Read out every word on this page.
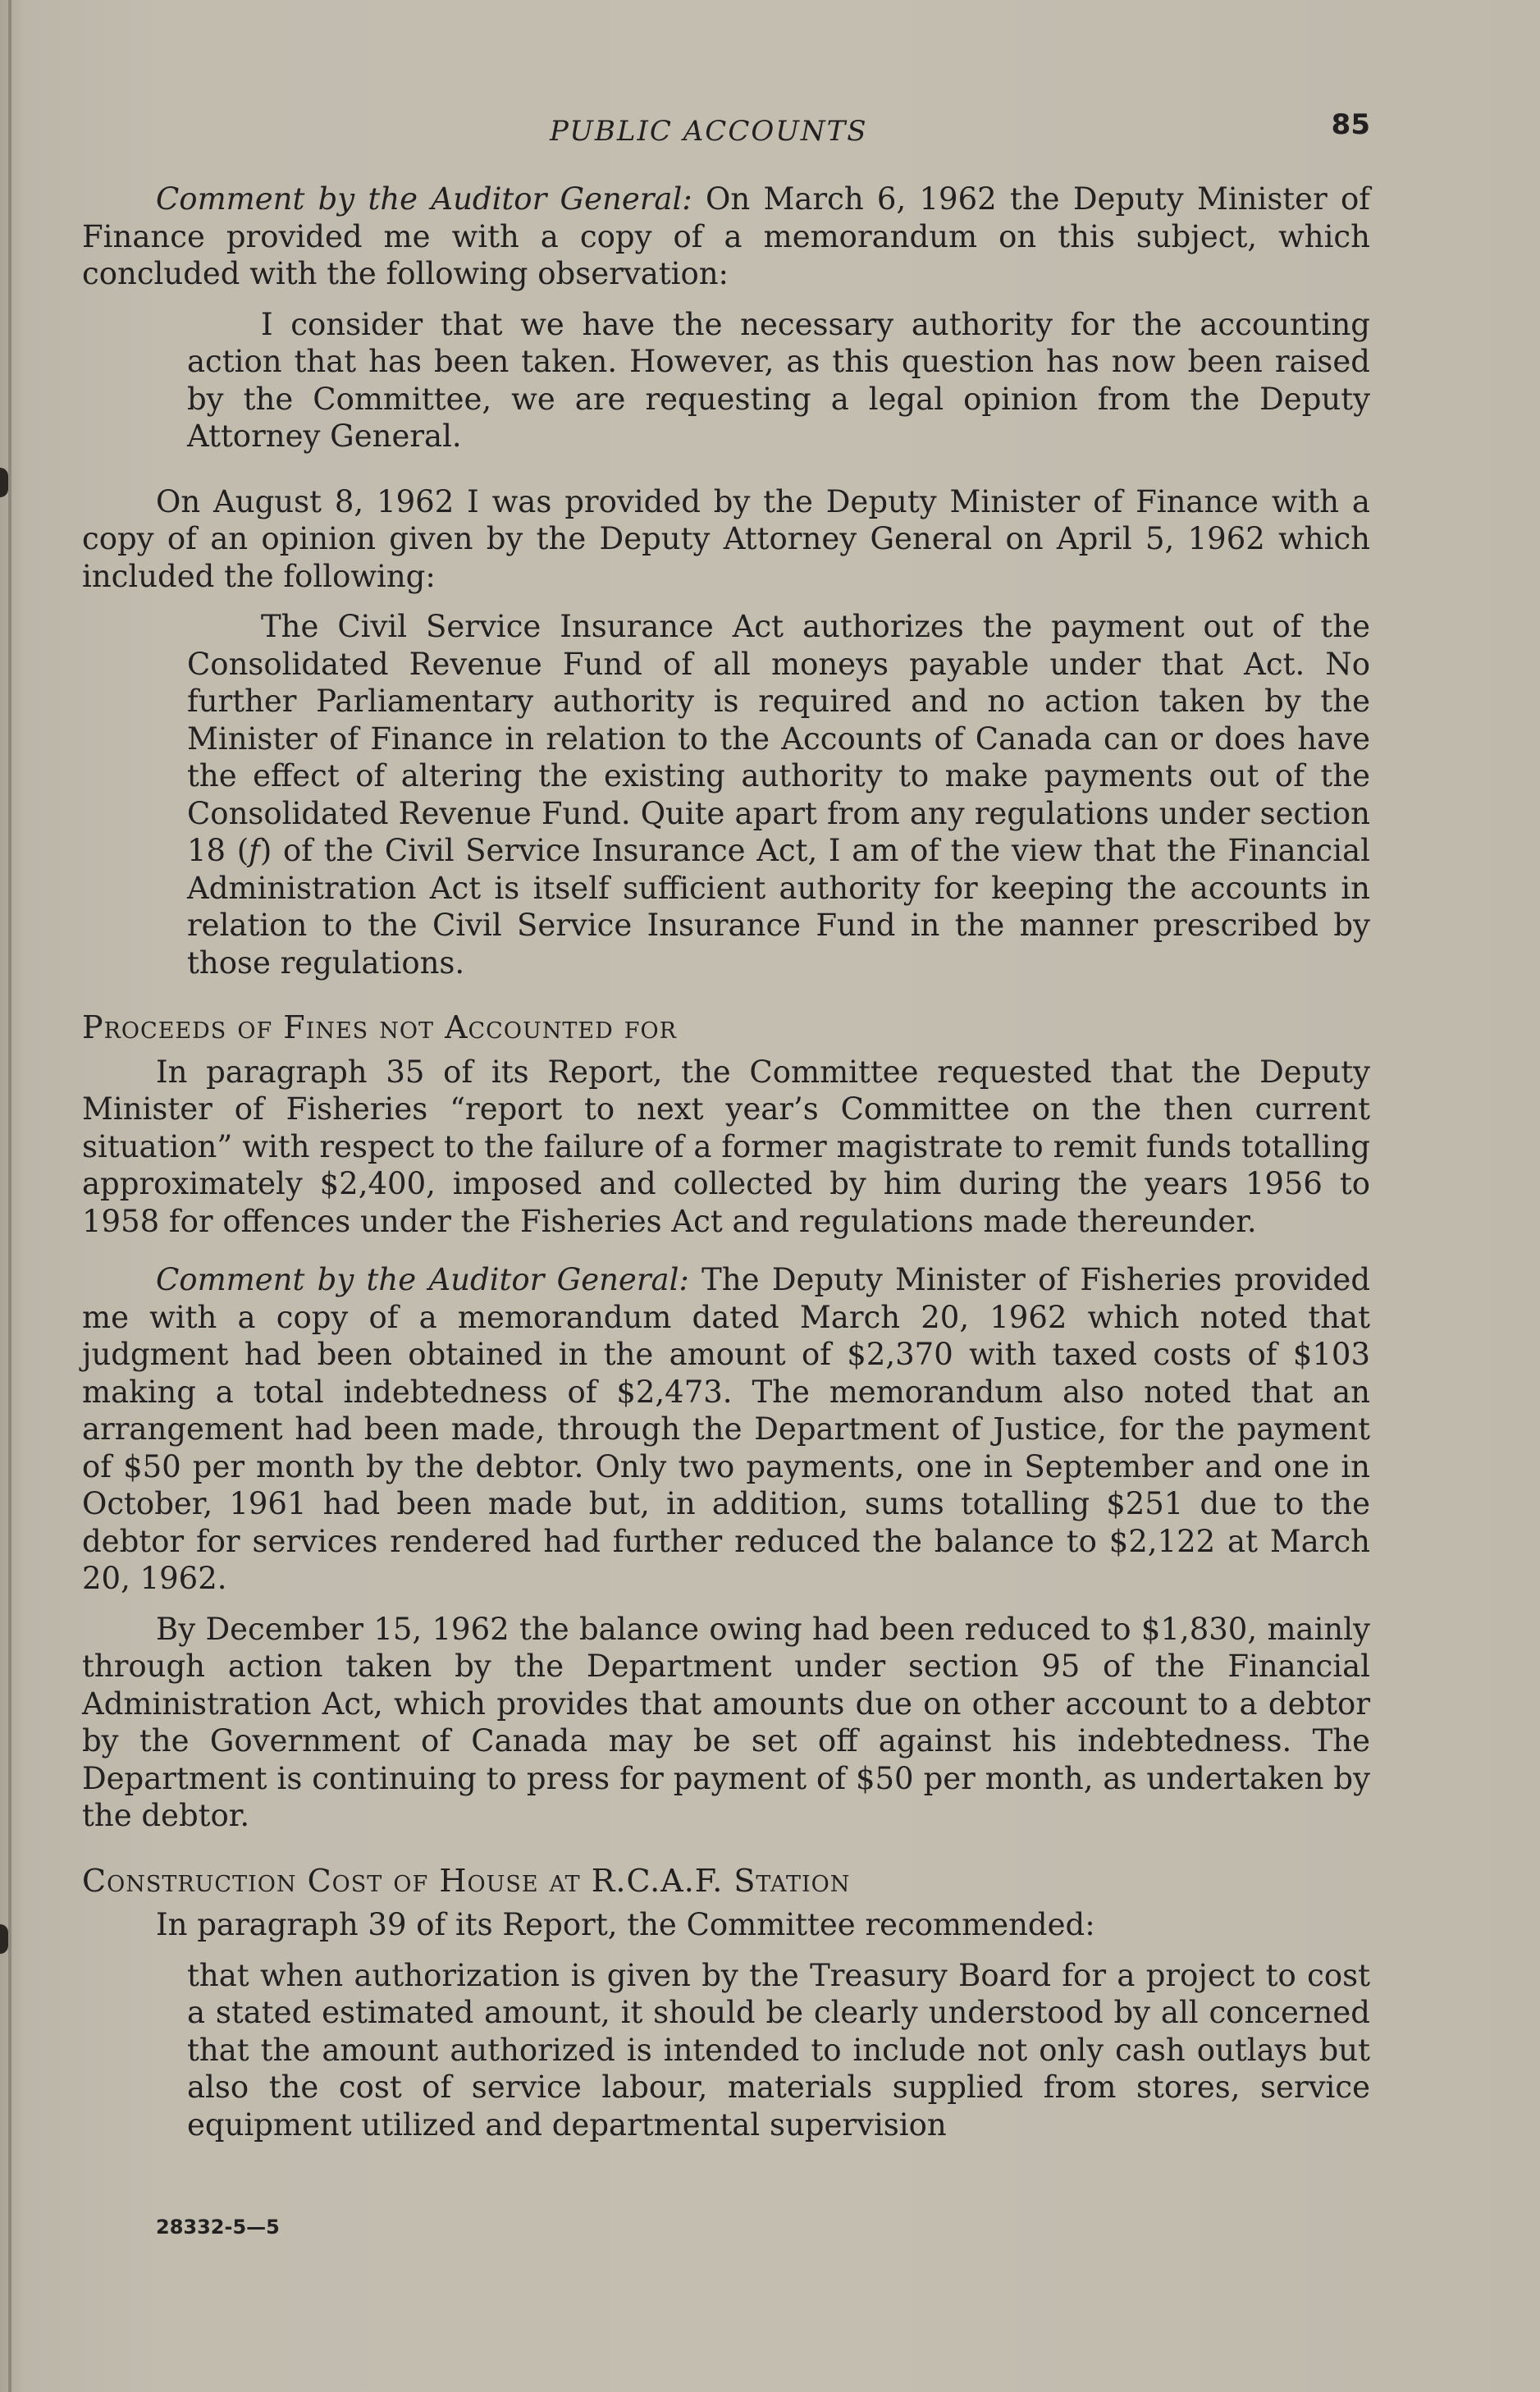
PUBLIC ACCOUNTS	85

Comment by the Auditor General: On March 6, 1962 the Deputy Minister of Finance provided me with a copy of a memorandum on this subject, which concluded with the following observation:

I consider that we have the necessary authority for the accounting action that has been taken. However, as this question has now been raised by the Committee, we are requesting a legal opinion from the Deputy Attorney General.

On August 8, 1962 I was provided by the Deputy Minister of Finance with a copy of an opinion given by the Deputy Attorney General on April 5, 1962 which included the following:

The Civil Service Insurance Act authorizes the payment out of the Consolidated Revenue Fund of all moneys payable under that Act. No further Parliamentary authority is required and no action taken by the Minister of Finance in relation to the Accounts of Canada can or does have the effect of altering the existing authority to make payments out of the Consolidated Revenue Fund. Quite apart from any regulations under section 18 (f) of the Civil Service Insurance Act, I am of the view that the Financial Administration Act is itself sufficient authority for keeping the accounts in relation to the Civil Service Insurance Fund in the manner prescribed by those regulations.

Proceeds of Fines not Accounted for

In paragraph 35 of its Report, the Committee requested that the Deputy Minister of Fisheries “report to next year’s Committee on the then current situation” with respect to the failure of a former magistrate to remit funds totalling approximately $2,400, imposed and collected by him during the years 1956 to 1958 for offences under the Fisheries Act and regulations made thereunder.

Comment by the Auditor General: The Deputy Minister of Fisheries provided me with a copy of a memorandum dated March 20, 1962 which noted that judgment had been obtained in the amount of $2,370 with taxed costs of $103 making a total indebtedness of $2,473. The memorandum also noted that an arrangement had been made, through the Department of Justice, for the payment of $50 per month by the debtor. Only two payments, one in September and one in October, 1961 had been made but, in addition, sums totalling $251 due to the debtor for services rendered had further reduced the balance to $2,122 at March 20, 1962.

By December 15, 1962 the balance owing had been reduced to $1,830, mainly through action taken by the Department under section 95 of the Financial Administration Act, which provides that amounts due on other account to a debtor by the Government of Canada may be set off against his indebtedness. The Department is continuing to press for payment of $50 per month, as undertaken by the debtor.

Construction Cost of House at R.C.A.F. Station

In paragraph 39 of its Report, the Committee recommended:

that when authorization is given by the Treasury Board for a project to cost a stated estimated amount, it should be clearly understood by all concerned that the amount authorized is intended to include not only cash outlays but also the cost of service labour, materials supplied from stores, service equipment utilized and departmental supervision

28332-5—5
